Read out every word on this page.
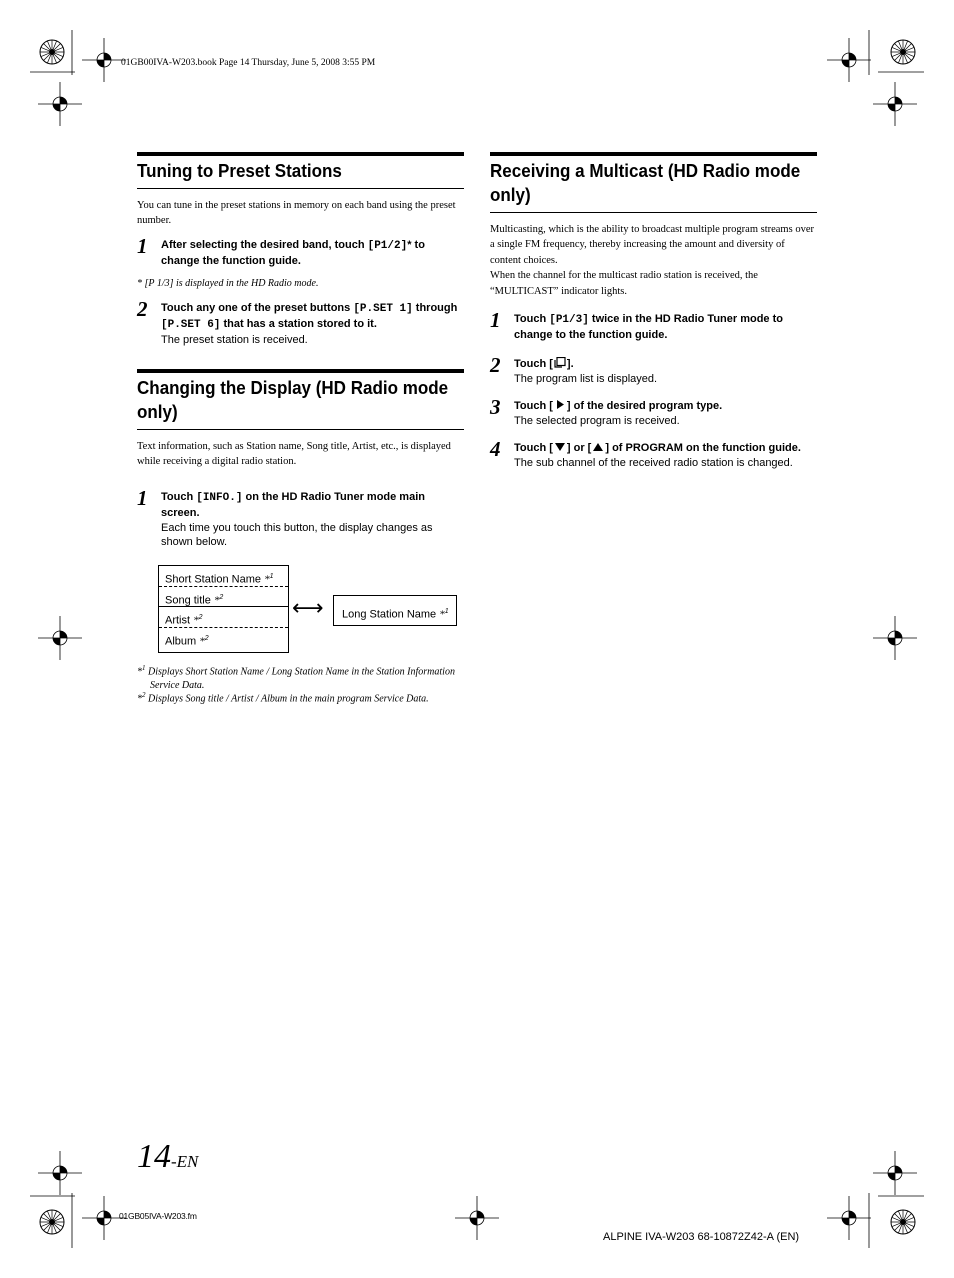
01GB00IVA-W203.book Page 14 Thursday, June 5, 2008 3:55 PM
Tuning to Preset Stations
You can tune in the preset stations in memory on each band using the preset number.
1 After selecting the desired band, touch [P1/2]* to change the function guide.
* [P 1/3] is displayed in the HD Radio mode.
2 Touch any one of the preset buttons [P.SET 1] through [P.SET 6] that has a station stored to it.
The preset station is received.
Changing the Display (HD Radio mode
only)
Text information, such as Station name, Song title, Artist, etc., is displayed while receiving a digital radio station.
1 Touch [INFO.] on the HD Radio Tuner mode main screen.
Each time you touch this button, the display changes as shown below.
Short Station Name *$^1$
Song title *$^2$
Artist *$^2$
Album *$^2$
⟷	Long Station Name *$^1$
*$^1$ Displays Short Station Name / Long Station Name in the Station Information Service Data.
*$^2$ Displays Song title / Artist / Album in the main program Service Data.
Receiving a Multicast (HD Radio mode
only)
Multicasting, which is the ability to broadcast multiple program streams over a single FM frequency, thereby increasing the amount and diversity of content choices.
When the channel for the multicast radio station is received, the “MULTICAST” indicator lights.
1 Touch [P1/3] twice in the HD Radio Tuner mode to change to the function guide.
2 Touch [ ].
The program list is displayed.
3 Touch [ ] of the desired program type.
The selected program is received.
4 Touch [ ] or [ ] of PROGRAM on the function guide.
The sub channel of the received radio station is changed.
14-EN
01GB05IVA-W203.fm
ALPINE IVA-W203 68-10872Z42-A (EN)
